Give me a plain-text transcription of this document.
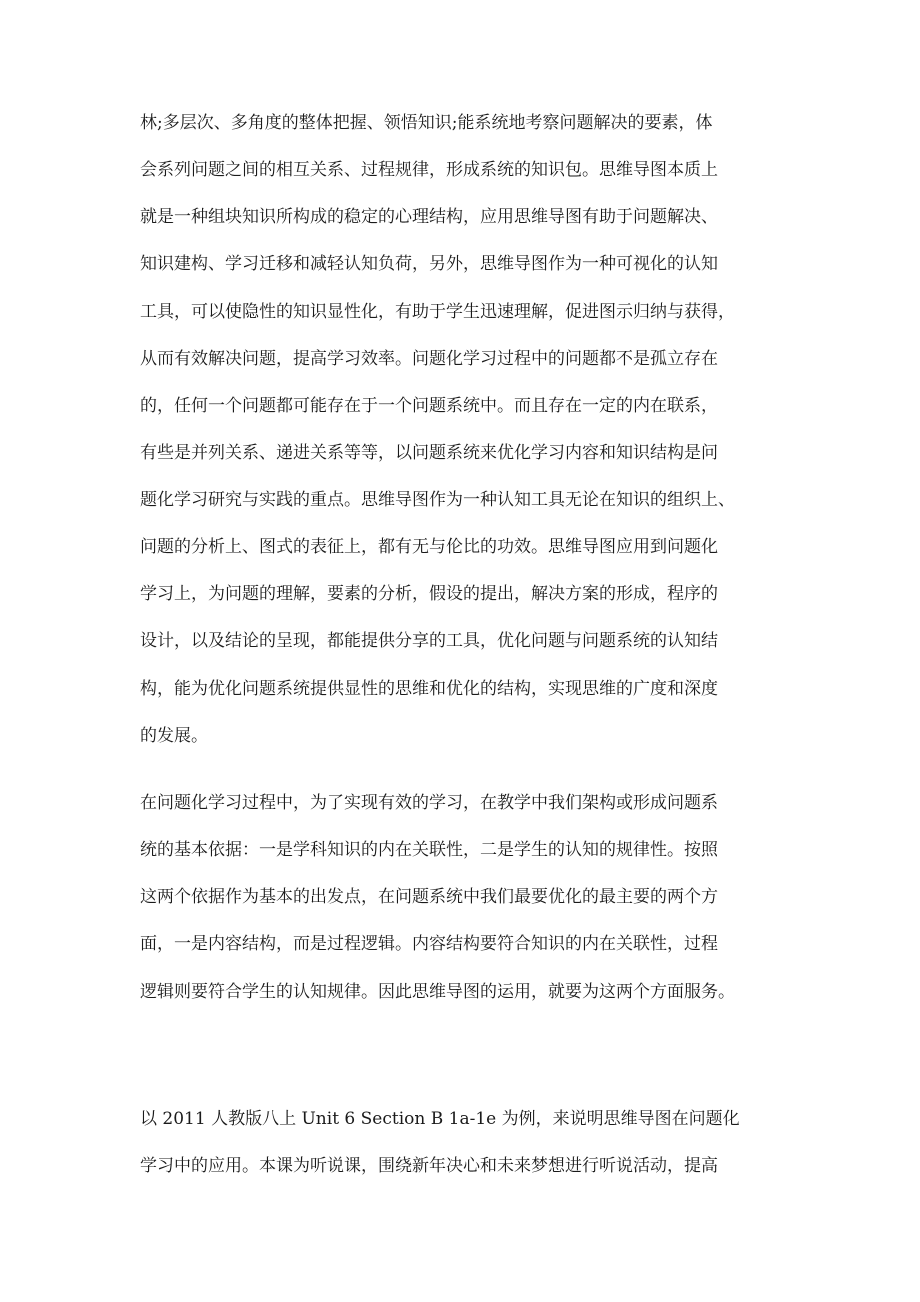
林;多层次、多角度的整体把握、领悟知识;能系统地考察问题解决的要素，体

会系列问题之间的相互关系、过程规律，形成系统的知识包。思维导图本质上

就是一种组块知识所构成的稳定的心理结构，应用思维导图有助于问题解决、

知识建构、学习迁移和减轻认知负荷，另外，思维导图作为一种可视化的认知

工具，可以使隐性的知识显性化，有助于学生迅速理解，促进图示归纳与获得，

从而有效解决问题，提高学习效率。问题化学习过程中的问题都不是孤立存在

的，任何一个问题都可能存在于一个问题系统中。而且存在一定的内在联系，

有些是并列关系、递进关系等等，以问题系统来优化学习内容和知识结构是问

题化学习研究与实践的重点。思维导图作为一种认知工具无论在知识的组织上、

问题的分析上、图式的表征上，都有无与伦比的功效。思维导图应用到问题化

学习上，为问题的理解，要素的分析，假设的提出，解决方案的形成，程序的

设计，以及结论的呈现，都能提供分享的工具，优化问题与问题系统的认知结

构，能为优化问题系统提供显性的思维和优化的结构，实现思维的广度和深度

的发展。

在问题化学习过程中，为了实现有效的学习，在教学中我们架构或形成问题系

统的基本依据：一是学科知识的内在关联性，二是学生的认知的规律性。按照

这两个依据作为基本的出发点，在问题系统中我们最要优化的最主要的两个方

面，一是内容结构，而是过程逻辑。内容结构要符合知识的内在关联性，过程

逻辑则要符合学生的认知规律。因此思维导图的运用，就要为这两个方面服务。

以 2011 人教版八上 Unit 6 Section B 1a-1e 为例，来说明思维导图在问题化

学习中的应用。本课为听说课，围绕新年决心和未来梦想进行听说活动，提高
